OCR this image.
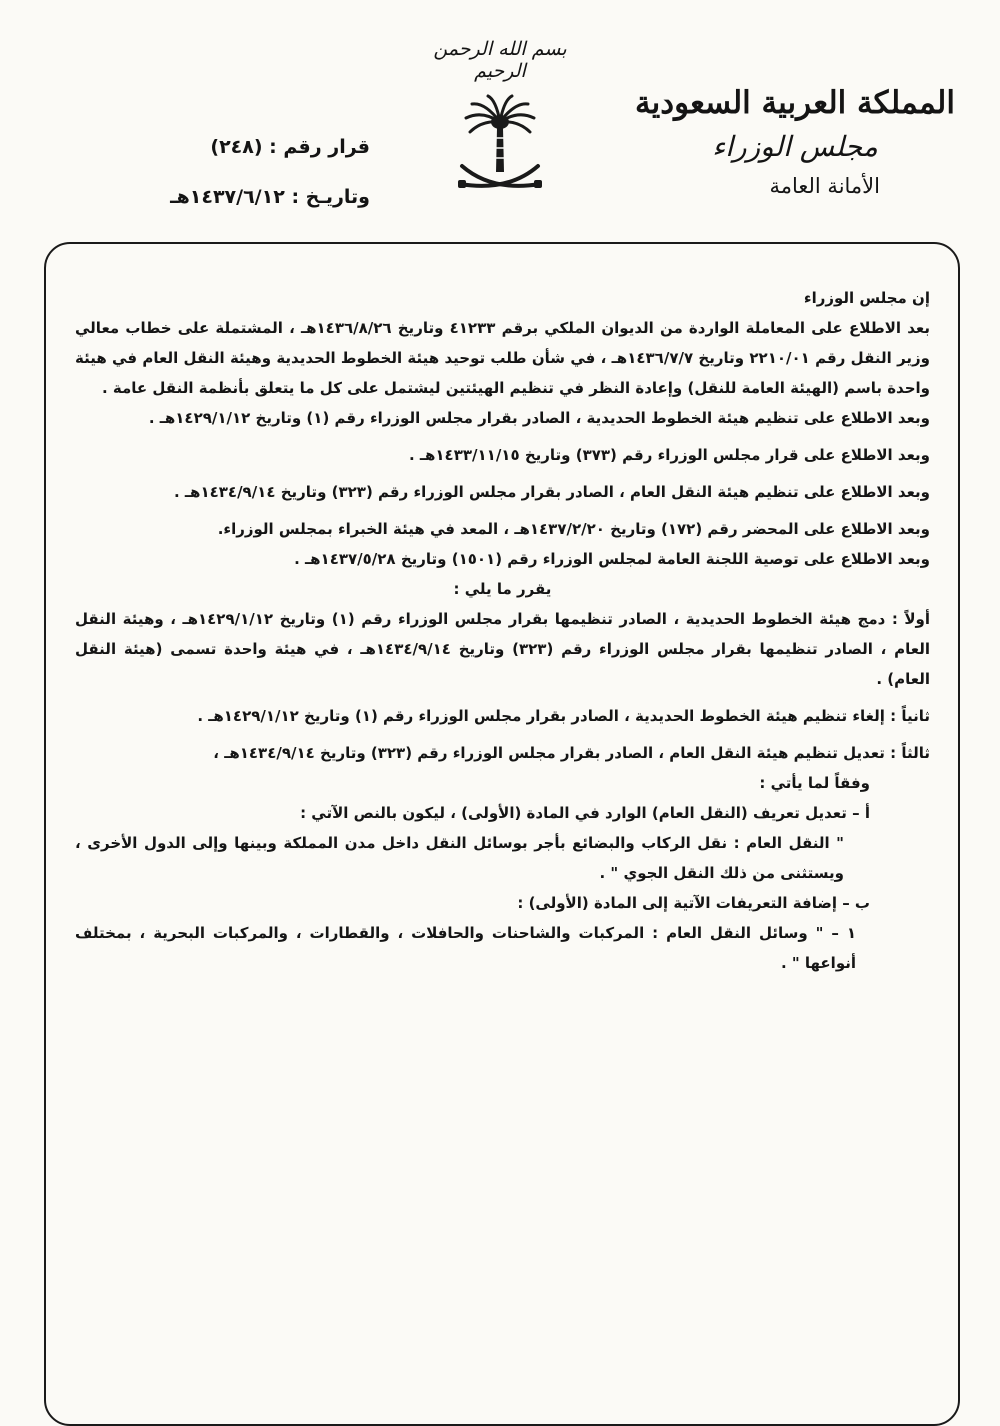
بسم الله الرحمن الرحيم
المملكة العربية السعودية
مجلس الوزراء
الأمانة العامة
قرار رقم : (٢٤٨)
وتاريـخ : ١٤٣٧/٦/١٢هـ

إن مجلس الوزراء

بعد الاطلاع على المعاملة الواردة من الديوان الملكي برقم ٤١٢٣٣ وتاريخ ١٤٣٦/٨/٢٦هـ ، المشتملة على خطاب معالي وزير النقل رقم ٢٢١٠/٠١ وتاريخ ١٤٣٦/٧/٧هـ ، في شأن طلب توحيد هيئة الخطوط الحديدية وهيئة النقل العام في هيئة واحدة باسم (الهيئة العامة للنقل) وإعادة النظر في تنظيم الهيئتين ليشتمل على كل ما يتعلق بأنظمة النقل عامة .

وبعد الاطلاع على تنظيم هيئة الخطوط الحديدية ، الصادر بقرار مجلس الوزراء رقم (١) وتاريخ ١٤٢٩/١/١٢هـ .

وبعد الاطلاع على قرار مجلس الوزراء رقم (٣٧٣) وتاريخ ١٤٣٣/١١/١٥هـ .

وبعد الاطلاع على تنظيم هيئة النقل العام ، الصادر بقرار مجلس الوزراء رقم (٣٢٣) وتاريخ ١٤٣٤/٩/١٤هـ .

وبعد الاطلاع على المحضر رقم (١٧٢) وتاريخ ١٤٣٧/٢/٢٠هـ ، المعد في هيئة الخبراء بمجلس الوزراء.

وبعد الاطلاع على توصية اللجنة العامة لمجلس الوزراء رقم (١٥٠١) وتاريخ ١٤٣٧/٥/٢٨هـ .

يقرر ما يلي :

أولاً : دمج هيئة الخطوط الحديدية ، الصادر تنظيمها بقرار مجلس الوزراء رقم (١) وتاريخ ١٤٢٩/١/١٢هـ ، وهيئة النقل العام ، الصادر تنظيمها بقرار مجلس الوزراء رقم (٣٢٣) وتاريخ ١٤٣٤/٩/١٤هـ ، في هيئة واحدة تسمى (هيئة النقل العام) .

ثانياً : إلغاء تنظيم هيئة الخطوط الحديدية ، الصادر بقرار مجلس الوزراء رقم (١) وتاريخ ١٤٢٩/١/١٢هـ .

ثالثاً : تعديل تنظيم هيئة النقل العام ، الصادر بقرار مجلس الوزراء رقم (٣٢٣) وتاريخ ١٤٣٤/٩/١٤هـ ،

وفقاً لما يأتي :

أ – تعديل تعريف (النقل العام) الوارد في المادة (الأولى) ، ليكون بالنص الآتي :

" النقل العام : نقل الركاب والبضائع بأجر بوسائل النقل داخل مدن المملكة وبينها وإلى الدول الأخرى ، ويستثنى من ذلك النقل الجوي " .

ب – إضافة التعريفات الآتية إلى المادة (الأولى) :

١ – " وسائل النقل العام : المركبات والشاحنات والحافلات ، والقطارات ، والمركبات البحرية ، بمختلف أنواعها " .
